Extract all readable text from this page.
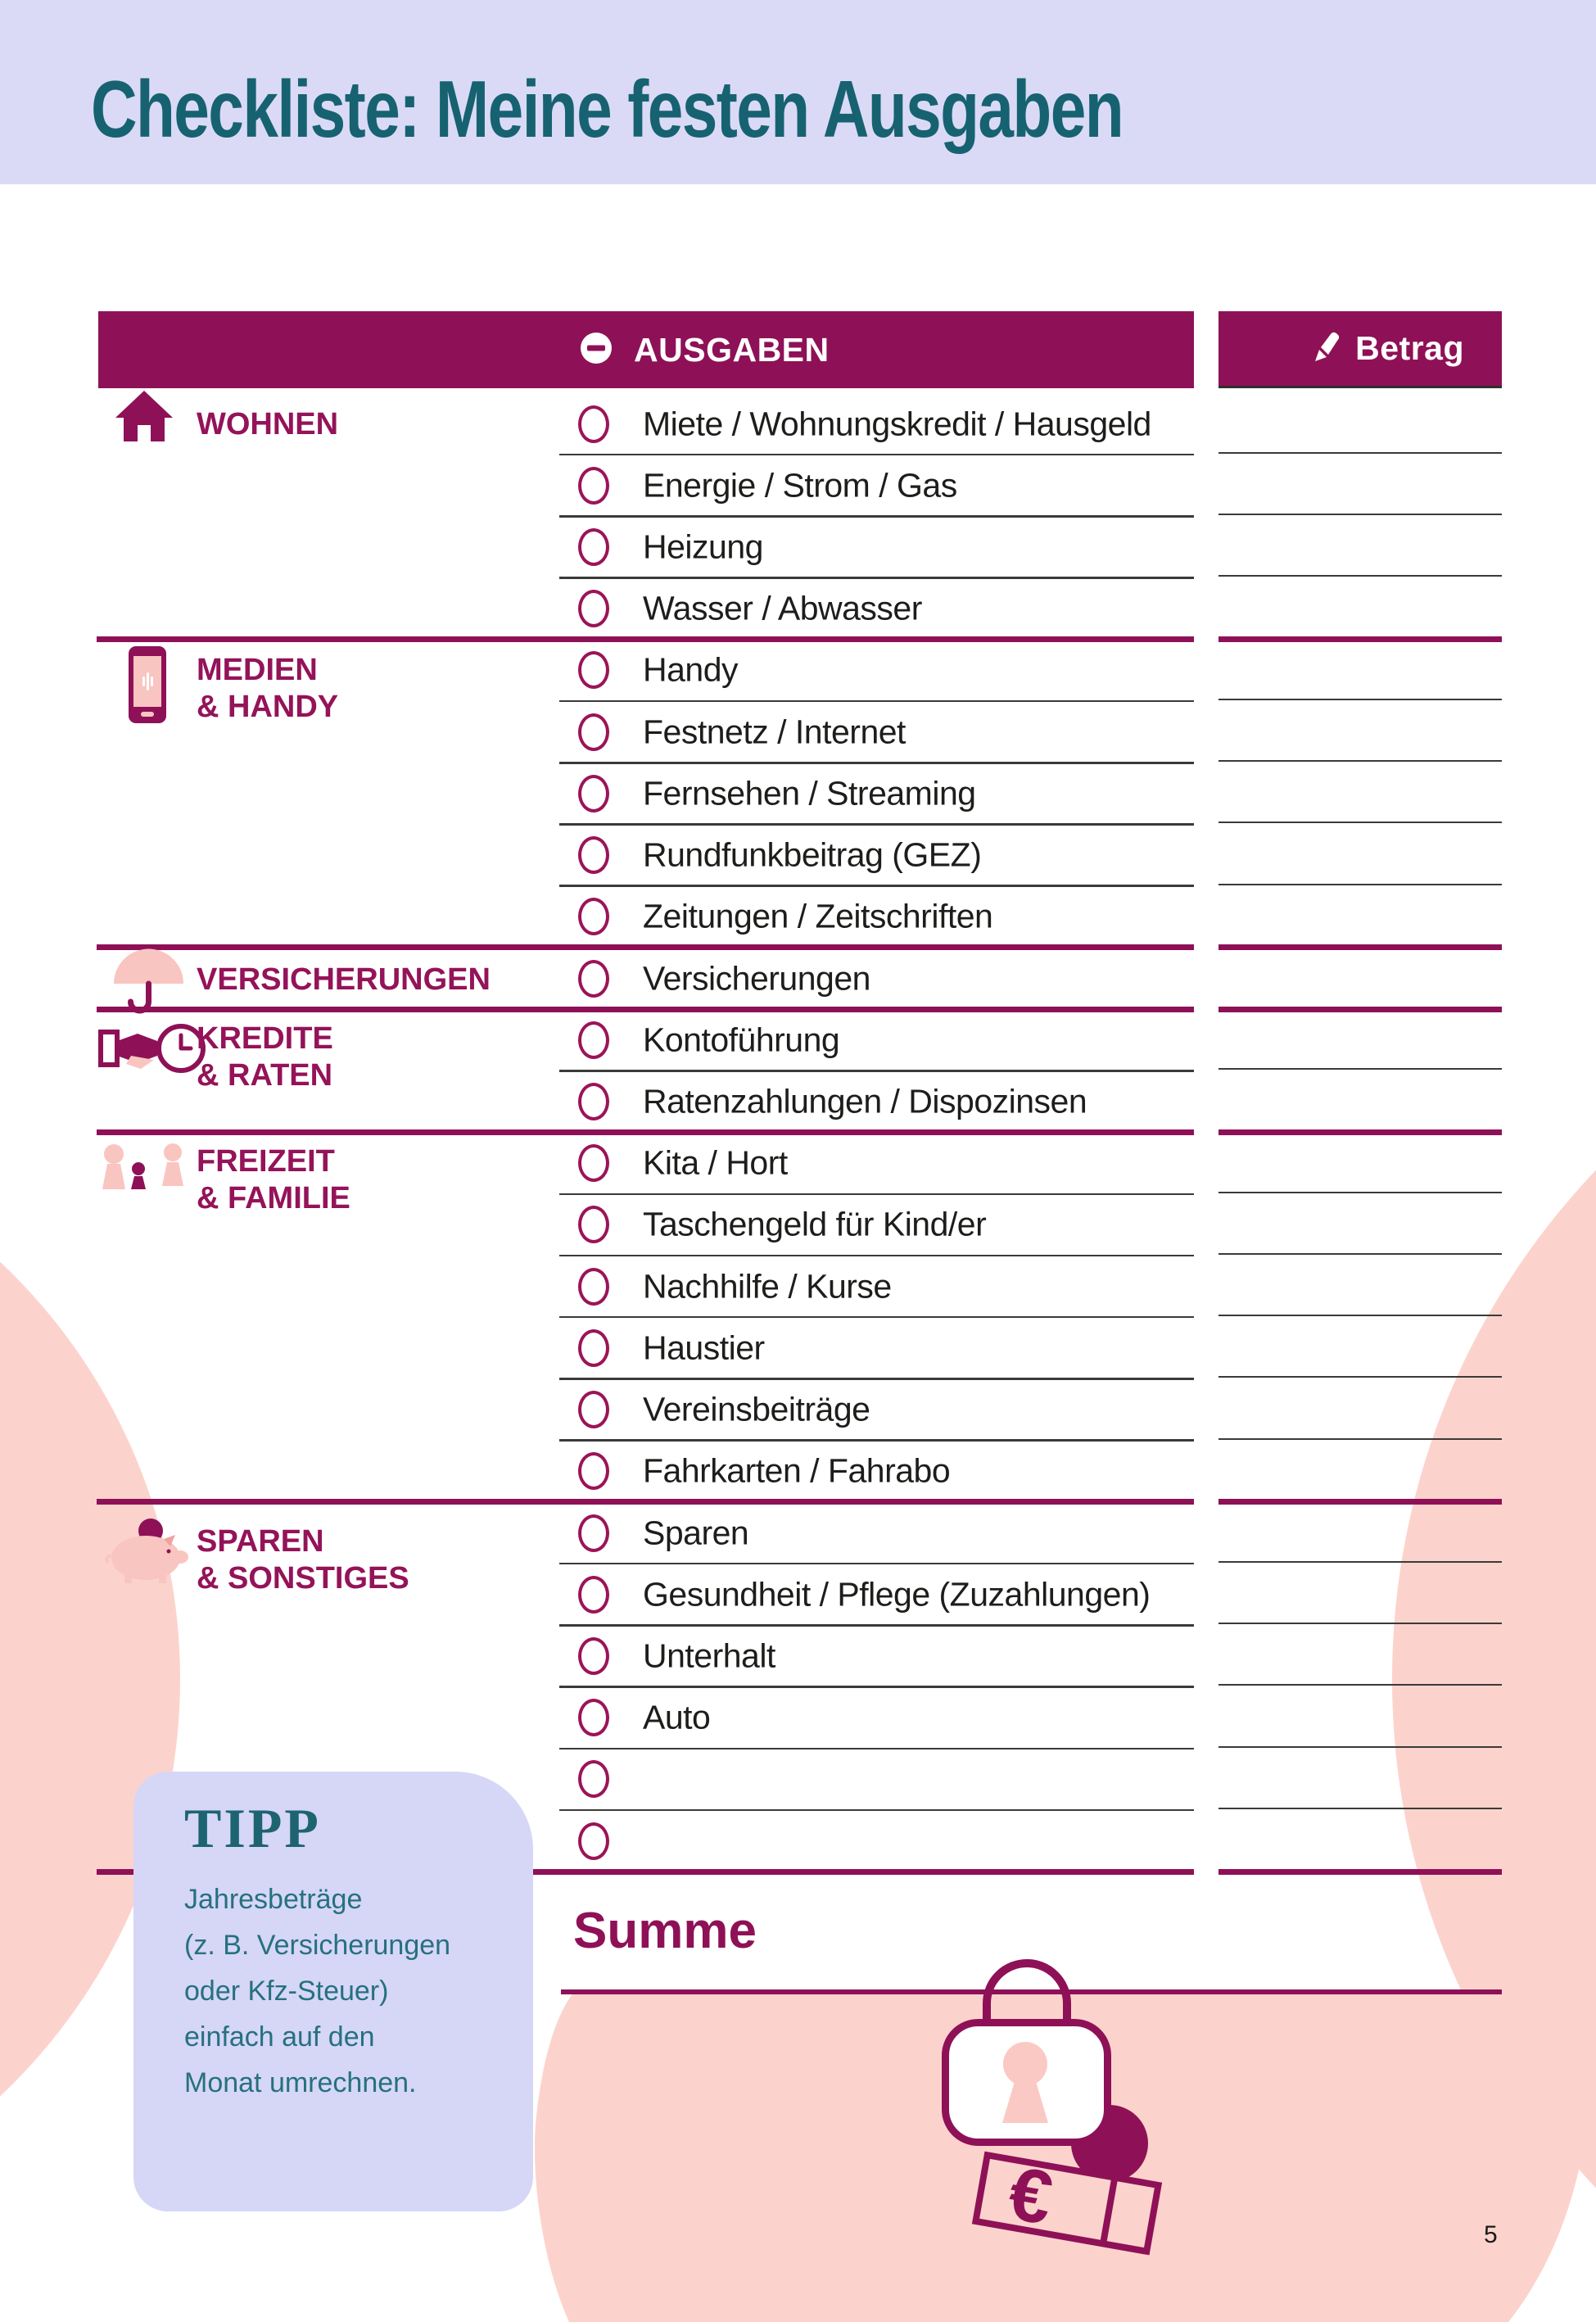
Checkliste: Meine festen Ausgaben
AUSGABEN	Betrag
Miete / Wohnungskredit / Hausgeld
Energie / Strom / Gas
Heizung
Wasser / Abwasser
Handy
Festnetz / Internet
Fernsehen / Streaming
Rundfunkbeitrag (GEZ)
Zeitungen / Zeitschriften
Versicherungen
Kontoführung
Ratenzahlungen / Dispozinsen
Kita / Hort
Taschengeld für Kind/er
Nachhilfe / Kurse
Haustier
Vereinsbeiträge
Fahrkarten / Fahrabo
Sparen
Gesundheit / Pflege (Zuzahlungen)
Unterhalt
Auto
WOHNEN
MEDIEN
& HANDY
VERSICHERUNGEN
KREDITE
& RATEN
FREIZEIT
& FAMILIE
SPAREN
& SONSTIGES
TIPP
Jahresbeträge
(z. B. Versicherungen
oder Kfz-Steuer)
einfach auf den
Monat umrechnen.
Summe
€	5
